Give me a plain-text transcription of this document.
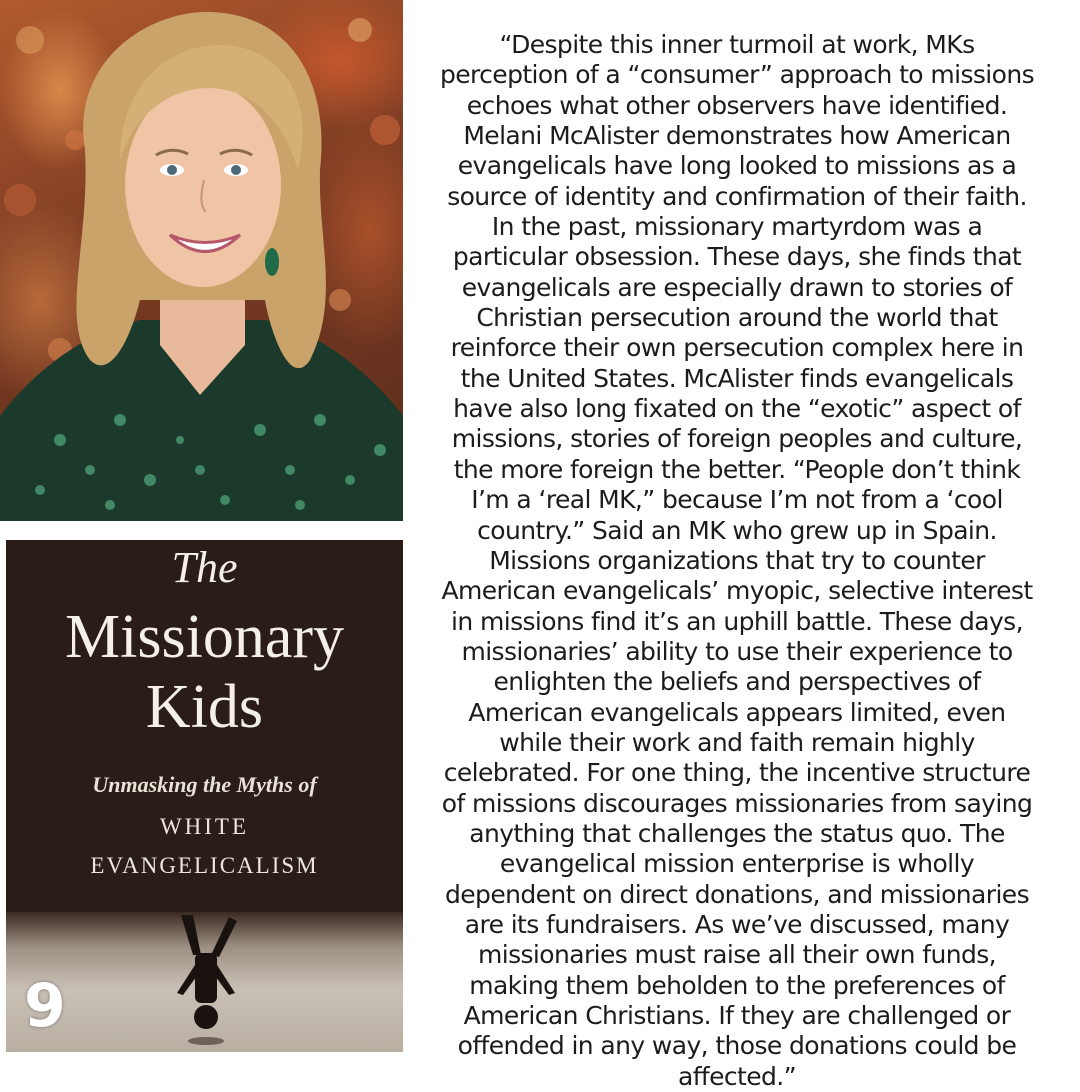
The

Missionary

Kids

Unmasking the Myths of

WHITE

EVANGELICALISM

9

“Despite this inner turmoil at work, MKs
perception of a “consumer” approach to missions
echoes what other observers have identified.
Melani McAlister demonstrates how American
evangelicals have long looked to missions as a
source of identity and confirmation of their faith.
In the past, missionary martyrdom was a
particular obsession. These days, she finds that
evangelicals are especially drawn to stories of
Christian persecution around the world that
reinforce their own persecution complex here in
the United States. McAlister finds evangelicals
have also long fixated on the “exotic” aspect of
missions, stories of foreign peoples and culture,
the more foreign the better. “People don’t think
I’m a ‘real MK,” because I’m not from a ‘cool
country.” Said an MK who grew up in Spain.
Missions organizations that try to counter
American evangelicals’ myopic, selective interest
in missions find it’s an uphill battle. These days,
missionaries’ ability to use their experience to
enlighten the beliefs and perspectives of
American evangelicals appears limited, even
while their work and faith remain highly
celebrated. For one thing, the incentive structure
of missions discourages missionaries from saying
anything that challenges the status quo. The
evangelical mission enterprise is wholly
dependent on direct donations, and missionaries
are its fundraisers. As we’ve discussed, many
missionaries must raise all their own funds,
making them beholden to the preferences of
American Christians. If they are challenged or
offended in any way, those donations could be
affected.”
